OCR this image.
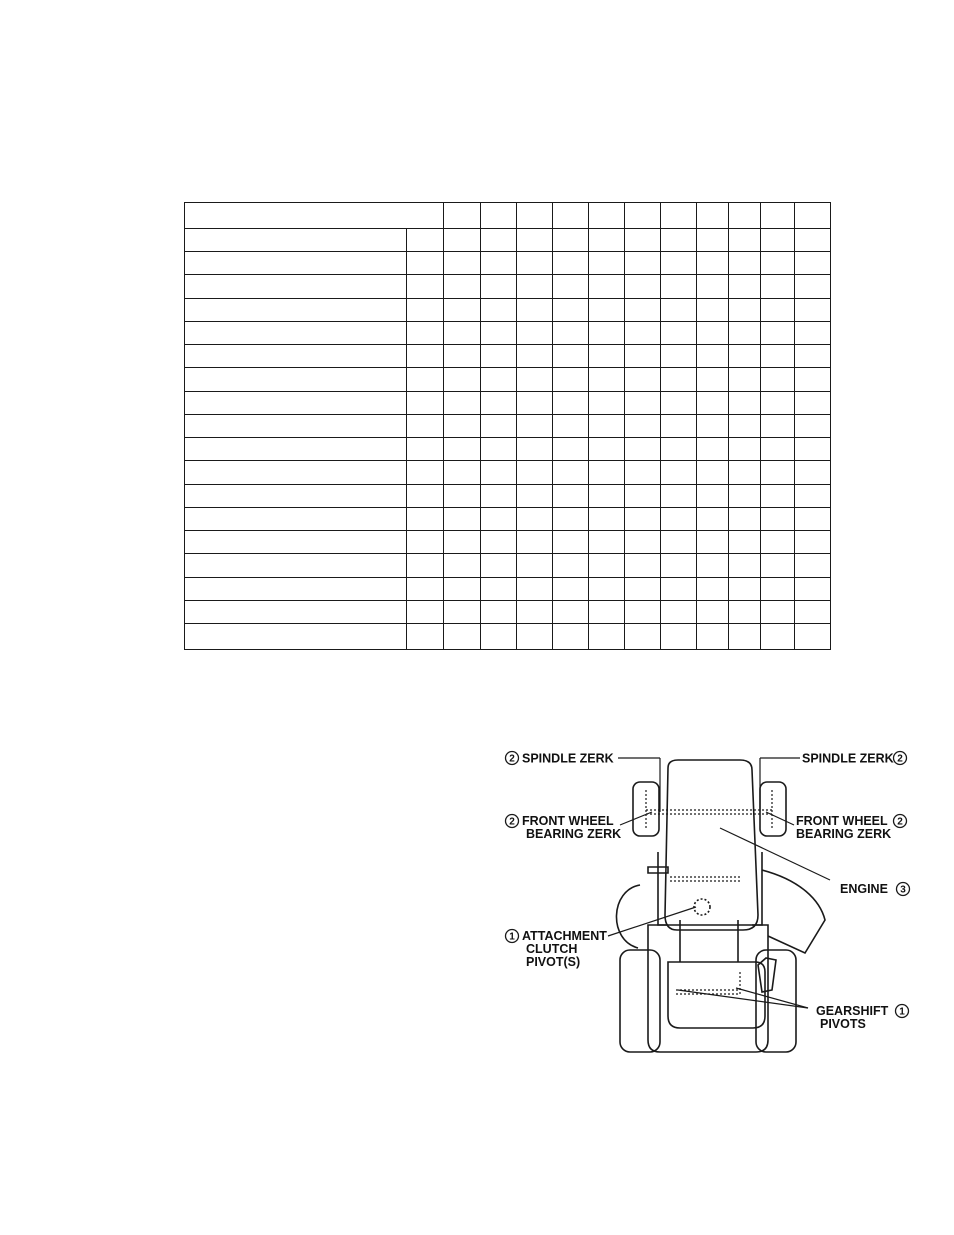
2	2
2	2
3
1
1
SPINDLE ZERK	SPINDLE ZERK
FRONT WHEEL
BEARING ZERK
FRONT WHEEL
BEARING ZERK
ENGINE
ATTACHMENT
CLUTCH
PIVOT(S)
GEARSHIFT
PIVOTS
